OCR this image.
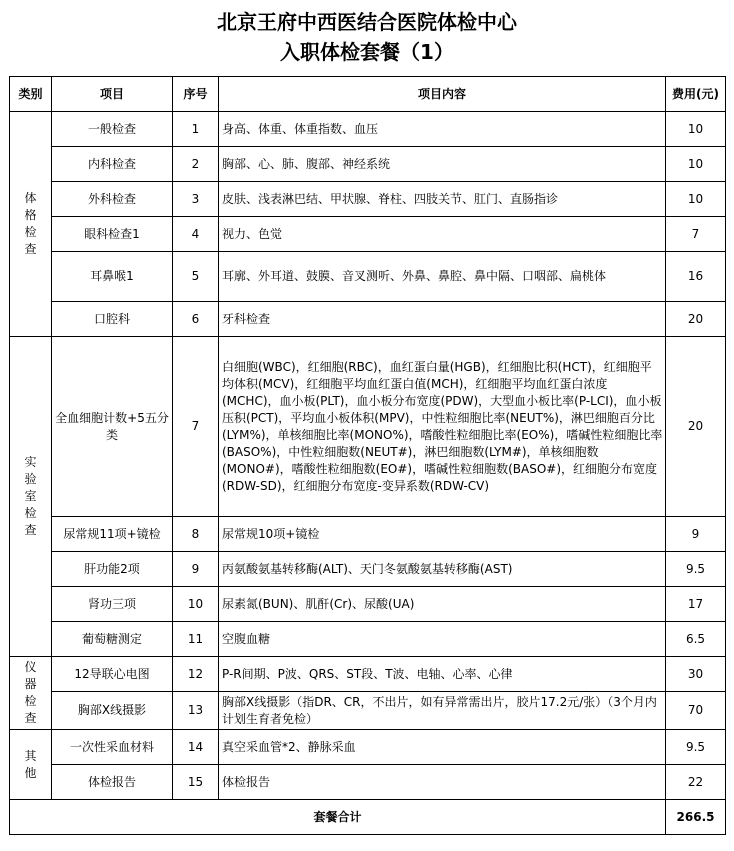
北京王府中西医结合医院体检中心
入职体检套餐（1）
类别	项目	序号	项目内容	费用(元)
体格检查	一般检查	1	身高、体重、体重指数、血压	10
	内科检查	2	胸部、心、肺、腹部、神经系统	10
	外科检查	3	皮肤、浅表淋巴结、甲状腺、脊柱、四肢关节、肛门、直肠指诊	10
	眼科检查1	4	视力、色觉	7
	耳鼻喉1	5	耳廓、外耳道、鼓膜、音叉测听、外鼻、鼻腔、鼻中隔、口咽部、扁桃体	16
	口腔科	6	牙科检查	20
实验室检查	全血细胞计数+5五分类	7	白细胞(WBC)，红细胞(RBC)，血红蛋白量(HGB)，红细胞比积(HCT)，红细胞平均体积(MCV)，红细胞平均血红蛋白值(MCH)，红细胞平均血红蛋白浓度(MCHC)，血小板(PLT)，血小板分布宽度(PDW)，大型血小板比率(P-LCI)，血小板压积(PCT)，平均血小板体积(MPV)，中性粒细胞比率(NEUT%)，淋巴细胞百分比(LYM%)，单核细胞比率(MONO%)，嗜酸性粒细胞比率(EO%)，嗜碱性粒细胞比率(BASO%)，中性粒细胞数(NEUT#)，淋巴细胞数(LYM#)，单核细胞数(MONO#)，嗜酸性粒细胞数(EO#)，嗜碱性粒细胞数(BASO#)，红细胞分布宽度(RDW-SD)，红细胞分布宽度-变异系数(RDW-CV)	20
	尿常规11项+镜检	8	尿常规10项+镜检	9
	肝功能2项	9	丙氨酸氨基转移酶(ALT)、天门冬氨酸氨基转移酶(AST)	9.5
	肾功三项	10	尿素氮(BUN)、肌酐(Cr)、尿酸(UA)	17
	葡萄糖测定	11	空腹血糖	6.5
仪器检查	12导联心电图	12	P-R间期、P波、QRS、ST段、T波、电轴、心率、心律	30
	胸部X线摄影	13	胸部X线摄影（指DR、CR，不出片，如有异常需出片，胶片17.2元/张）（3个月内计划生育者免检）	70
其他	一次性采血材料	14	真空采血管*2、静脉采血	9.5
	体检报告	15	体检报告	22
套餐合计				266.5
